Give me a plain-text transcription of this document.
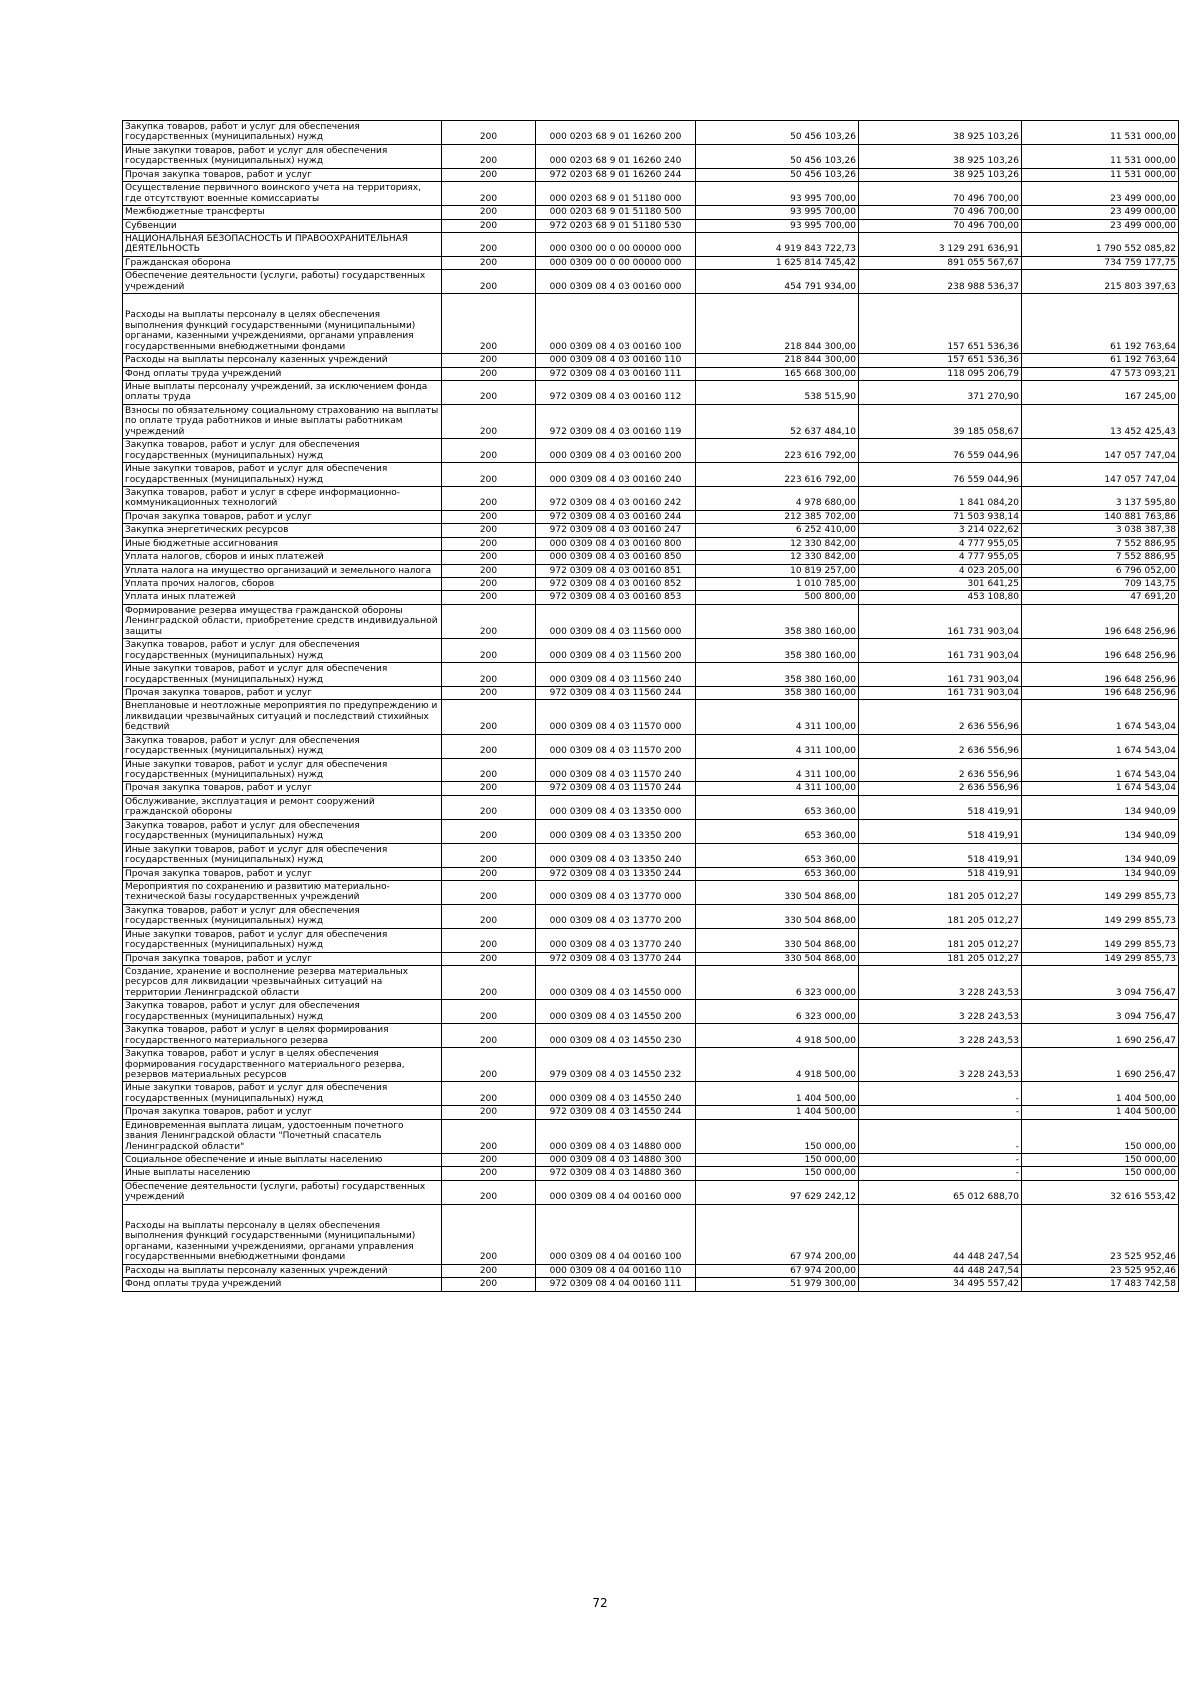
Закупка товаров, работ и услуг для обеспечения государственных (муниципальных) нужд	200	000 0203 68 9 01 16260 200	50 456 103,26	38 925 103,26	11 531 000,00
Иные закупки товаров, работ и услуг для обеспечения государственных (муниципальных) нужд	200	000 0203 68 9 01 16260 240	50 456 103,26	38 925 103,26	11 531 000,00
Прочая закупка товаров, работ и услуг	200	972 0203 68 9 01 16260 244	50 456 103,26	38 925 103,26	11 531 000,00
Осуществление первичного воинского учета на территориях, где отсутствуют военные комиссариаты	200	000 0203 68 9 01 51180 000	93 995 700,00	70 496 700,00	23 499 000,00
Межбюджетные трансферты	200	000 0203 68 9 01 51180 500	93 995 700,00	70 496 700,00	23 499 000,00
Субвенции	200	972 0203 68 9 01 51180 530	93 995 700,00	70 496 700,00	23 499 000,00
НАЦИОНАЛЬНАЯ БЕЗОПАСНОСТЬ И ПРАВООХРАНИТЕЛЬНАЯ ДЕЯТЕЛЬНОСТЬ	200	000 0300 00 0 00 00000 000	4 919 843 722,73	3 129 291 636,91	1 790 552 085,82
Гражданская оборона	200	000 0309 00 0 00 00000 000	1 625 814 745,42	891 055 567,67	734 759 177,75
Обеспечение деятельности (услуги, работы) государственных учреждений	200	000 0309 08 4 03 00160 000	454 791 934,00	238 988 536,37	215 803 397,63
Расходы на выплаты персоналу в целях обеспечения выполнения функций государственными (муниципальными) органами, казенными учреждениями, органами управления государственными внебюджетными фондами	200	000 0309 08 4 03 00160 100	218 844 300,00	157 651 536,36	61 192 763,64
Расходы на выплаты персоналу казенных учреждений	200	000 0309 08 4 03 00160 110	218 844 300,00	157 651 536,36	61 192 763,64
Фонд оплаты труда учреждений	200	972 0309 08 4 03 00160 111	165 668 300,00	118 095 206,79	47 573 093,21
Иные выплаты персоналу учреждений, за исключением фонда оплаты труда	200	972 0309 08 4 03 00160 112	538 515,90	371 270,90	167 245,00
Взносы по обязательному социальному страхованию на выплаты по оплате труда работников и иные выплаты работникам учреждений	200	972 0309 08 4 03 00160 119	52 637 484,10	39 185 058,67	13 452 425,43
Закупка товаров, работ и услуг для обеспечения государственных (муниципальных) нужд	200	000 0309 08 4 03 00160 200	223 616 792,00	76 559 044,96	147 057 747,04
Иные закупки товаров, работ и услуг для обеспечения государственных (муниципальных) нужд	200	000 0309 08 4 03 00160 240	223 616 792,00	76 559 044,96	147 057 747,04
Закупка товаров, работ и услуг в сфере информационно-коммуникационных технологий	200	972 0309 08 4 03 00160 242	4 978 680,00	1 841 084,20	3 137 595,80
Прочая закупка товаров, работ и услуг	200	972 0309 08 4 03 00160 244	212 385 702,00	71 503 938,14	140 881 763,86
Закупка энергетических ресурсов	200	972 0309 08 4 03 00160 247	6 252 410,00	3 214 022,62	3 038 387,38
Иные бюджетные ассигнования	200	000 0309 08 4 03 00160 800	12 330 842,00	4 777 955,05	7 552 886,95
Уплата налогов, сборов и иных платежей	200	000 0309 08 4 03 00160 850	12 330 842,00	4 777 955,05	7 552 886,95
Уплата налога на имущество организаций и земельного налога	200	972 0309 08 4 03 00160 851	10 819 257,00	4 023 205,00	6 796 052,00
Уплата прочих налогов, сборов	200	972 0309 08 4 03 00160 852	1 010 785,00	301 641,25	709 143,75
Уплата иных платежей	200	972 0309 08 4 03 00160 853	500 800,00	453 108,80	47 691,20
Формирование резерва имущества гражданской обороны Ленинградской области, приобретение средств индивидуальной защиты	200	000 0309 08 4 03 11560 000	358 380 160,00	161 731 903,04	196 648 256,96
Закупка товаров, работ и услуг для обеспечения государственных (муниципальных) нужд	200	000 0309 08 4 03 11560 200	358 380 160,00	161 731 903,04	196 648 256,96
Иные закупки товаров, работ и услуг для обеспечения государственных (муниципальных) нужд	200	000 0309 08 4 03 11560 240	358 380 160,00	161 731 903,04	196 648 256,96
Прочая закупка товаров, работ и услуг	200	972 0309 08 4 03 11560 244	358 380 160,00	161 731 903,04	196 648 256,96
Внеплановые и неотложные мероприятия по предупреждению и ликвидации чрезвычайных ситуаций и последствий стихийных бедствий	200	000 0309 08 4 03 11570 000	4 311 100,00	2 636 556,96	1 674 543,04
Закупка товаров, работ и услуг для обеспечения государственных (муниципальных) нужд	200	000 0309 08 4 03 11570 200	4 311 100,00	2 636 556,96	1 674 543,04
Иные закупки товаров, работ и услуг для обеспечения государственных (муниципальных) нужд	200	000 0309 08 4 03 11570 240	4 311 100,00	2 636 556,96	1 674 543,04
Прочая закупка товаров, работ и услуг	200	972 0309 08 4 03 11570 244	4 311 100,00	2 636 556,96	1 674 543,04
Обслуживание, эксплуатация и ремонт сооружений гражданской обороны	200	000 0309 08 4 03 13350 000	653 360,00	518 419,91	134 940,09
Закупка товаров, работ и услуг для обеспечения государственных (муниципальных) нужд	200	000 0309 08 4 03 13350 200	653 360,00	518 419,91	134 940,09
Иные закупки товаров, работ и услуг для обеспечения государственных (муниципальных) нужд	200	000 0309 08 4 03 13350 240	653 360,00	518 419,91	134 940,09
Прочая закупка товаров, работ и услуг	200	972 0309 08 4 03 13350 244	653 360,00	518 419,91	134 940,09
Мероприятия по сохранению и развитию материально-технической базы государственных учреждений	200	000 0309 08 4 03 13770 000	330 504 868,00	181 205 012,27	149 299 855,73
Закупка товаров, работ и услуг для обеспечения государственных (муниципальных) нужд	200	000 0309 08 4 03 13770 200	330 504 868,00	181 205 012,27	149 299 855,73
Иные закупки товаров, работ и услуг для обеспечения государственных (муниципальных) нужд	200	000 0309 08 4 03 13770 240	330 504 868,00	181 205 012,27	149 299 855,73
Прочая закупка товаров, работ и услуг	200	972 0309 08 4 03 13770 244	330 504 868,00	181 205 012,27	149 299 855,73
Создание, хранение и восполнение резерва материальных ресурсов для ликвидации чрезвычайных ситуаций на территории Ленинградской области	200	000 0309 08 4 03 14550 000	6 323 000,00	3 228 243,53	3 094 756,47
Закупка товаров, работ и услуг для обеспечения государственных (муниципальных) нужд	200	000 0309 08 4 03 14550 200	6 323 000,00	3 228 243,53	3 094 756,47
Закупка товаров, работ и услуг в целях формирования государственного материального резерва	200	000 0309 08 4 03 14550 230	4 918 500,00	3 228 243,53	1 690 256,47
Закупка товаров, работ и услуг в целях обеспечения формирования государственного материального резерва, резервов материальных ресурсов	200	979 0309 08 4 03 14550 232	4 918 500,00	3 228 243,53	1 690 256,47
Иные закупки товаров, работ и услуг для обеспечения государственных (муниципальных) нужд	200	000 0309 08 4 03 14550 240	1 404 500,00	-	1 404 500,00
Прочая закупка товаров, работ и услуг	200	972 0309 08 4 03 14550 244	1 404 500,00	-	1 404 500,00
Единовременная выплата лицам, удостоенным почетного звания Ленинградской области "Почетный спасатель Ленинградской области"	200	000 0309 08 4 03 14880 000	150 000,00	-	150 000,00
Социальное обеспечение и иные выплаты населению	200	000 0309 08 4 03 14880 300	150 000,00	-	150 000,00
Иные выплаты населению	200	972 0309 08 4 03 14880 360	150 000,00	-	150 000,00
Обеспечение деятельности (услуги, работы) государственных учреждений	200	000 0309 08 4 04 00160 000	97 629 242,12	65 012 688,70	32 616 553,42
Расходы на выплаты персоналу в целях обеспечения выполнения функций государственными (муниципальными) органами, казенными учреждениями, органами управления государственными внебюджетными фондами	200	000 0309 08 4 04 00160 100	67 974 200,00	44 448 247,54	23 525 952,46
Расходы на выплаты персоналу казенных учреждений	200	000 0309 08 4 04 00160 110	67 974 200,00	44 448 247,54	23 525 952,46
Фонд оплаты труда учреждений	200	972 0309 08 4 04 00160 111	51 979 300,00	34 495 557,42	17 483 742,58
72
